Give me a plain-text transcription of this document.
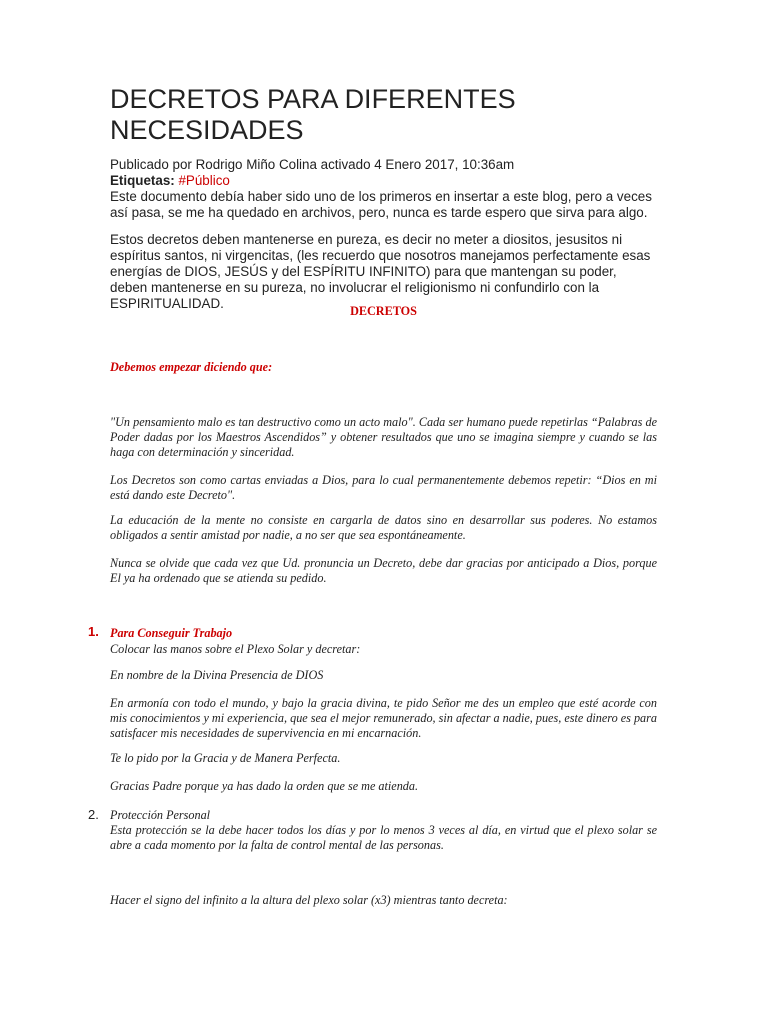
DECRETOS PARA DIFERENTES NECESIDADES
Publicado por Rodrigo Miño Colina activado 4 Enero 2017, 10:36am
Etiquetas: #Público
Este documento debía haber sido uno de los primeros en insertar a este blog, pero a veces así pasa, se me ha quedado en archivos, pero, nunca es tarde espero que sirva para algo.
Estos decretos deben mantenerse en pureza, es decir no meter a diositos, jesusitos ni espíritus santos, ni virgencitas, (les recuerdo que nosotros manejamos perfectamente esas energías de DIOS, JESÚS y del ESPÍRITU INFINITO) para que mantengan su poder, deben mantenerse en su pureza, no involucrar el religionismo ni confundirlo con la ESPIRITUALIDAD.	DECRETOS
Debemos empezar diciendo que:

"Un pensamiento malo es tan destructivo como un acto malo". Cada ser humano puede repetirlas “Palabras de Poder dadas por los Maestros Ascendidos” y obtener resultados que uno se imagina siempre y cuando se las haga con determinación y sinceridad.

Los Decretos son como cartas enviadas a Dios, para lo cual permanentemente debemos repetir: “Dios en mi está dando este Decreto".

La educación de la mente no consiste en cargarla de datos sino en desarrollar sus poderes. No estamos obligados a sentir amistad por nadie, a no ser que sea espontáneamente.

Nunca se olvide que cada vez que Ud. pronuncia un Decreto, debe dar gracias por anticipado a Dios, porque El ya ha ordenado que se atienda su pedido.

1. Para Conseguir Trabajo
Colocar las manos sobre el Plexo Solar y decretar:
En nombre de la Divina Presencia de DIOS
En armonía con todo el mundo, y bajo la gracia divina, te pido Señor me des un empleo que esté acorde con mis conocimientos y mi experiencia, que sea el mejor remunerado, sin afectar a nadie, pues, este dinero es para satisfacer mis necesidades de supervivencia en mi encarnación.
Te lo pido por la Gracia y de Manera Perfecta.
Gracias Padre porque ya has dado la orden que se me atienda.
2. Protección Personal
Esta protección se la debe hacer todos los días y por lo menos 3 veces al día, en virtud que el plexo solar se abre a cada momento por la falta de control mental de las personas.
Hacer el signo del infinito a la altura del plexo solar (x3) mientras tanto decreta:
